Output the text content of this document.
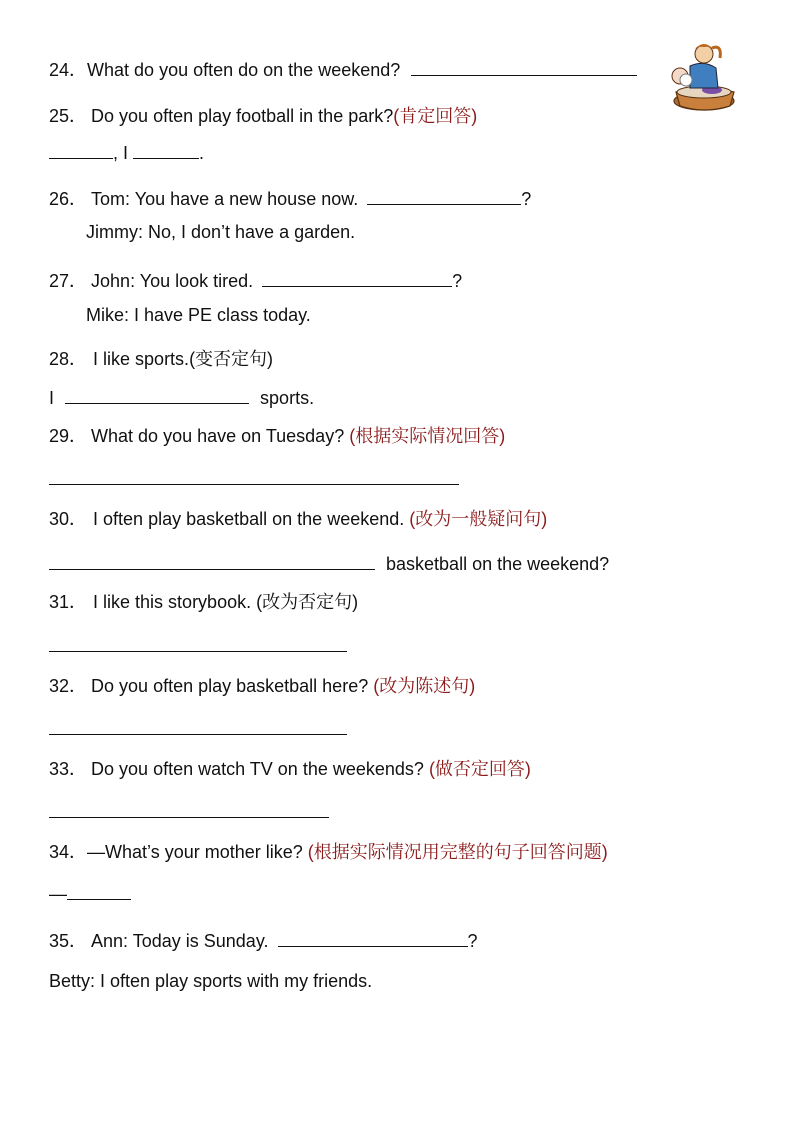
24．What do you often do on the weekend?
25． Do you often play football in the park?(肯定回答)
, I	.
26． Tom: You have a new house now.	?
Jimmy: No, I don’t have a garden.
27． John: You look tired.	?
Mike: I have PE class today.
28． I like sports.(变否定句)
I	sports.
29． What do you have on Tuesday? (根据实际情况回答)
30． I often play basketball on the weekend. (改为一般疑问句)
basketball on the weekend?
31． I like this storybook. (改为否定句)
32． Do you often play basketball here? (改为陈述句)
33． Do you often watch TV on the weekends? (做否定回答)
34．—What’s your mother like? (根据实际情况用完整的句子回答问题)
—
35． Ann: Today is Sunday.	?
Betty: I often play sports with my friends.
